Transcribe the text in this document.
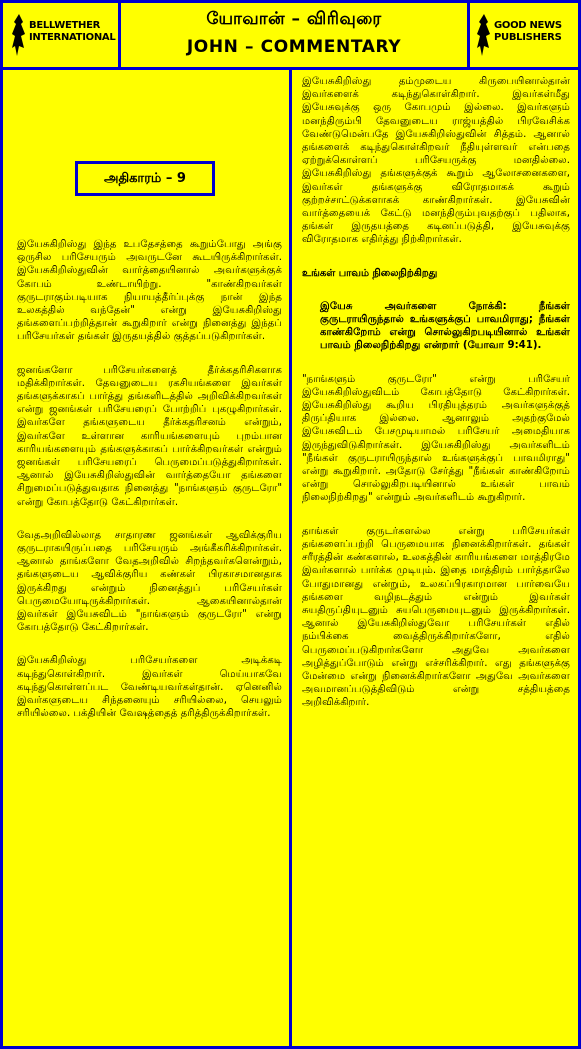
BELLWETHER
INTERNATIONAL
யோவான் – விரிவுரை
JOHN – COMMENTARY
GOOD NEWS
PUBLISHERS
அதிகாரம் – 9

இயேசுகிறிஸ்து இந்த உபதேசத்தை கூறும்போது அங்கு ஒருசில பரிசேயரும் அவருடனே கூடயிருக்கிறார்கள். இயேசுகிறிஸ்துவின் வார்த்தையினால் அவர்களுக்குக் கோபம் உண்டாயிற்று. "காண்கிறவர்கள் குருடராகும்படியாக நியாயத்தீர்ப்புக்கு நான் இந்த உலகத்தில் வந்தேன்" என்று இயேசுகிறிஸ்து தங்களைப்பற்றித்தான் கூறுகிறார் என்று நினைத்து இந்தப் பரிசேயர்கள் தங்கள் இருதயத்தில் குத்தப்படுகிறார்கள்.

ஜனங்களோ பரிசேயர்களைத் தீர்க்கதரிசிகளாக மதிக்கிறார்கள். தேவனுடைய ரகசியங்களை இவர்கள் தங்களுக்காகப் பார்த்து தங்களிடத்தில் அறிவிக்கிறவர்கள் என்று ஜனங்கள் பரிசேயரைப் போற்றிப் புகழுகிறார்கள். இவர்களே தங்களுடைய தீர்க்கதரிசனம் என்றும், இவர்களே உள்ளான காரியங்களையும் புறம்பான காரியங்களையும் தங்களுக்காகப் பார்க்கிறவர்கள் என்றும் ஜனங்கள் பரிசேயரைப் பெருமைப்படுத்துகிறார்கள். ஆனால் இயேசுகிறிஸ்துவின் வார்த்தையோ தங்களை சிறுமைப்படுத்துவதாக நினைத்து "நாங்களும் குருடரோ" என்று கோபத்தோடு கேட்கிறார்கள்.

வேதஅறிவில்லாத சாதாரண ஜனங்கள் ஆவிக்குரிய குருடராகயிருப்பதை பரிசேயரும் அங்கீகரிக்கிறார்கள். ஆனால் தாங்களோ வேதஅறிவில் சிறந்தவர்களென்றும், தங்களுடைய ஆவிக்குரிய கண்கள் பிரகாசமானதாக இருக்கிறது என்றும் நினைத்துப் பரிசேயர்கள் பெருமையோடிருக்கிறார்கள். ஆகையினால்தான் இவர்கள் இயேசுவிடம் "நாங்களும் குருடரோ" என்று கோபத்தோடு கேட்கிறார்கள்.

இயேசுகிறிஸ்து பரிசேயர்களை அடிக்கடி கடிந்துகொள்கிறார். இவர்கள் மெய்யாகவே கடிந்துகொள்ளப்பட வேண்டியவர்கள்தான். ஏனெனில் இவர்களுடைய சிந்தனையும் சரியில்லை, செயலும் சரியில்லை. பக்தியின் வேஷத்தைத் தரித்திருக்கிறார்கள்.

இயேசுகிறிஸ்து தம்முடைய கிருபையினால்தான் இவர்களைக் கடிந்துகொள்கிறார். இவர்கள்மீது இயேசுவுக்கு ஒரு கோபமும் இல்லை. இவர்களும் மனந்திரும்பி தேவனுடைய ராஜ்யத்தில் பிரவேசிக்க வேண்டுமென்பதே இயேசுகிறிஸ்துவின் சித்தம். ஆனால் தங்களைக் கடிந்துகொள்கிறவர் நீதியுள்ளவர் என்பதை ஏற்றுக்கொள்ளப் பரிசேயருக்கு மனதில்லை. இயேசுகிறிஸ்து தங்களுக்குக் கூறும் ஆலோசனைகளை, இவர்கள் தங்களுக்கு விரோதமாகக் கூறும் குற்றச்சாட்டுக்களாகக் காண்கிறார்கள். இயேசுவின் வார்த்தையைக் கேட்டு மனந்திரும்புவதற்குப் பதிலாக, தங்கள் இருதயத்தை கடினப்படுத்தி, இயேசுவுக்கு விரோதமாக எதிர்த்து நிற்கிறார்கள்.

உங்கள் பாவம் நிலைநிற்கிறது

இயேசு அவர்களை நோக்கி: நீங்கள் குருடராயிருந்தால் உங்களுக்குப் பாவமிராது; நீங்கள் காண்கிறோம் என்று சொல்லுகிறபடியினால் உங்கள் பாவம் நிலைநிற்கிறது என்றார் (யோவா 9:41).

"நாங்களும் குருடரோ" என்று பரிசேயர் இயேசுகிறிஸ்துவிடம் கோபத்தோடு கேட்கிறார்கள். இயேசுகிறிஸ்து கூறிய பிரதியுத்தரம் அவர்களுக்குத் திருப்தியாக இல்லை. ஆனாலும் அதற்குமேல் இயேசுவிடம் பேசமுடியாமல் பரிசேயர் அமைதியாக இருந்துவிடுகிறார்கள். இயேசுகிறிஸ்து அவர்களிடம் "நீங்கள் குருடராயிருந்தால் உங்களுக்குப் பாவமிராது" என்று கூறுகிறார். அதோடு சேர்த்து "நீங்கள் காண்கிறோம் என்று சொல்லுகிறபடியினால் உங்கள் பாவம் நிலைநிற்கிறது" என்றும் அவர்களிடம் கூறுகிறார்.

தாங்கள் குருடர்களல்ல என்று பரிசேயர்கள் தங்களைப்பற்றி பெருமையாக நினைக்கிறார்கள். தங்கள் சரீரத்தின் கண்களால், உலகத்தின் காரியங்களை மாத்திரமே இவர்களால் பார்க்க முடியும். இதை மாத்திரம் பார்த்தாலே போதுமானது என்றும், உலகப்பிரகாரமான பார்வையே தங்களை வழிநடத்தும் என்றும் இவர்கள் சுயதிருப்தியுடனும் சுயபெருமையுடனும் இருக்கிறார்கள். ஆனால் இயேசுகிறிஸ்துவோ பரிசேயர்கள் எதில் நம்பிக்கை வைத்திருக்கிறார்களோ, எதில் பெருமைப்படுகிறார்களோ அதுவே அவர்களை அழித்துப்போடும் என்று எச்சரிக்கிறார். எது தங்களுக்கு மேன்மை என்று நினைக்கிறார்களோ அதுவே அவர்களை அவமானப்படுத்திவிடும் என்று சத்தியத்தை அறிவிக்கிறார்.
